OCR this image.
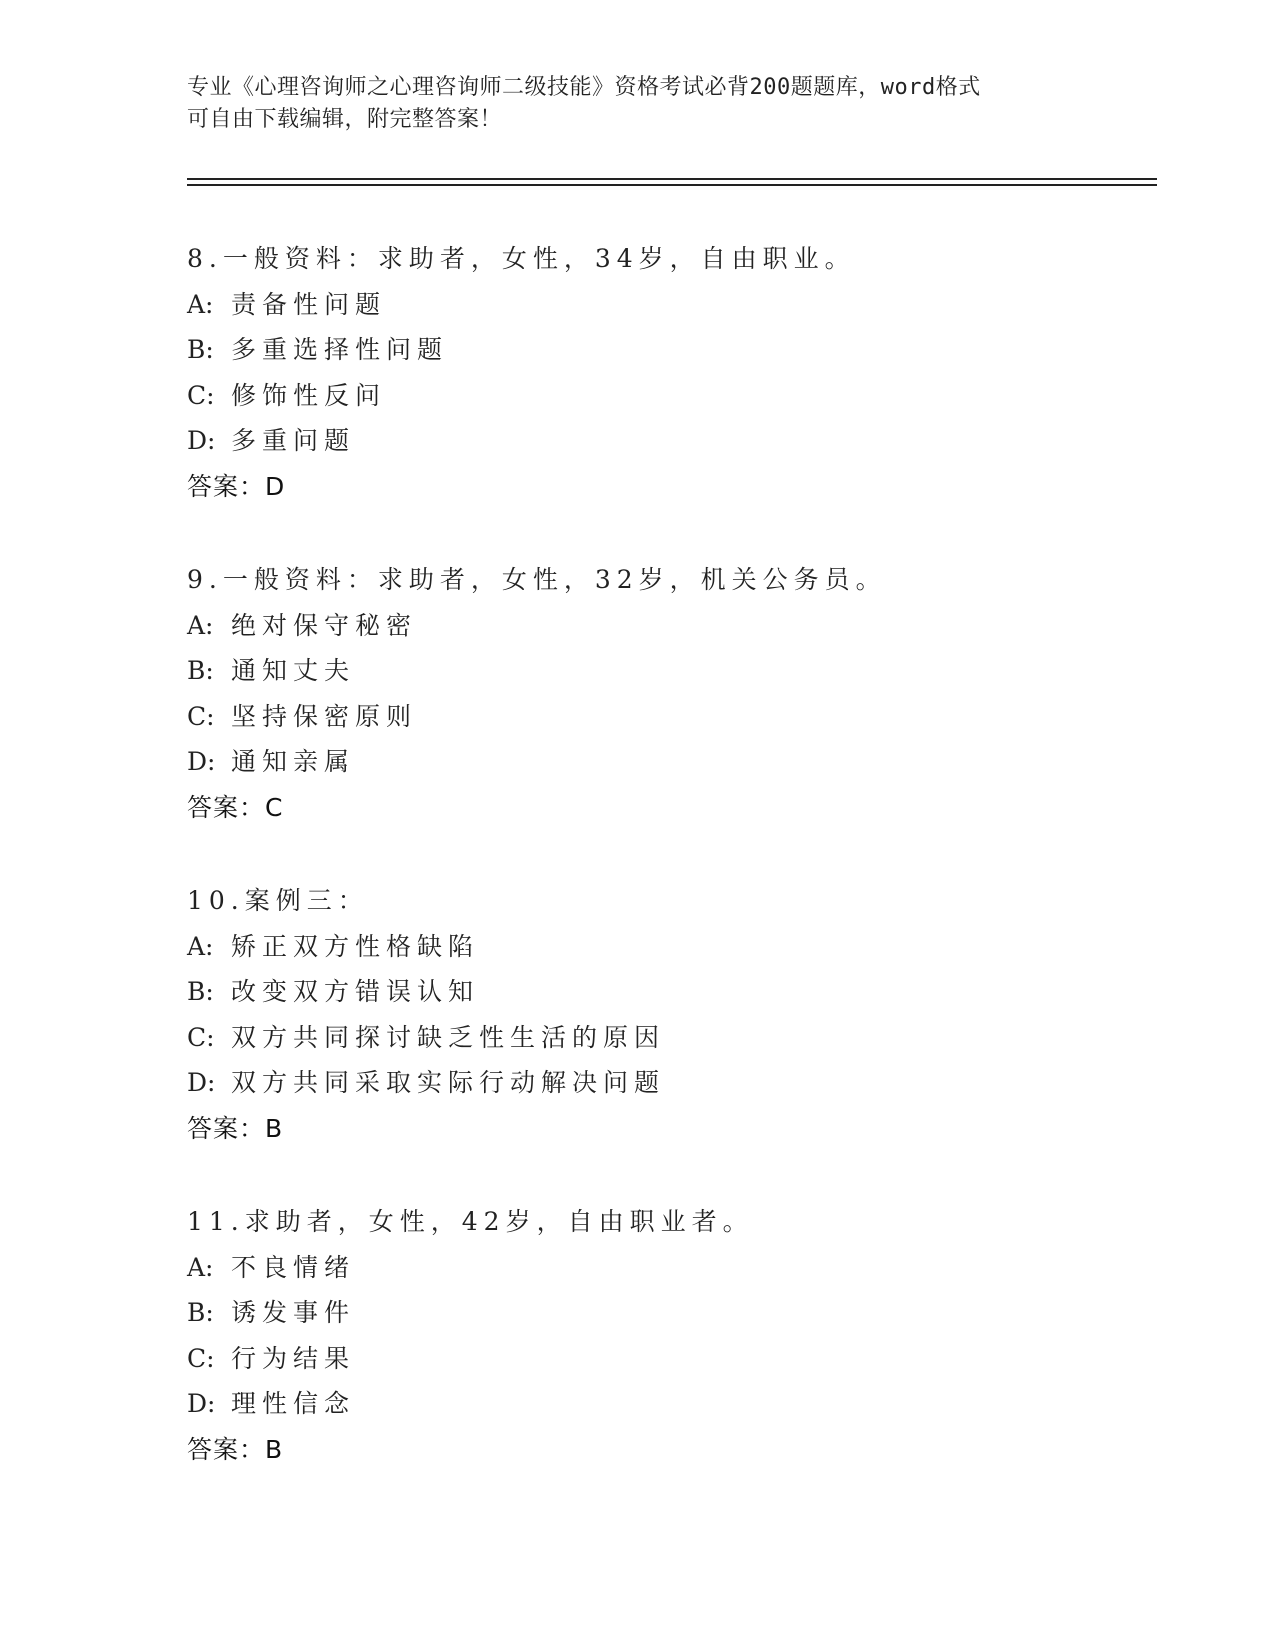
专业《心理咨询师之心理咨询师二级技能》资格考试必背200题题库，word格式

可自由下载编辑，附完整答案！

8.一般资料：求助者，女性，34岁，自由职业。
A: 责备性问题
B: 多重选择性问题
C: 修饰性反问
D: 多重问题
答案：D
9.一般资料：求助者，女性，32岁，机关公务员。
A: 绝对保守秘密
B: 通知丈夫
C: 坚持保密原则
D: 通知亲属
答案：C
10.案例三：
A: 矫正双方性格缺陷
B: 改变双方错误认知
C: 双方共同探讨缺乏性生活的原因
D: 双方共同采取实际行动解决问题
答案：B
11.求助者，女性，42岁，自由职业者。
A: 不良情绪
B: 诱发事件
C: 行为结果
D: 理性信念
答案：B
